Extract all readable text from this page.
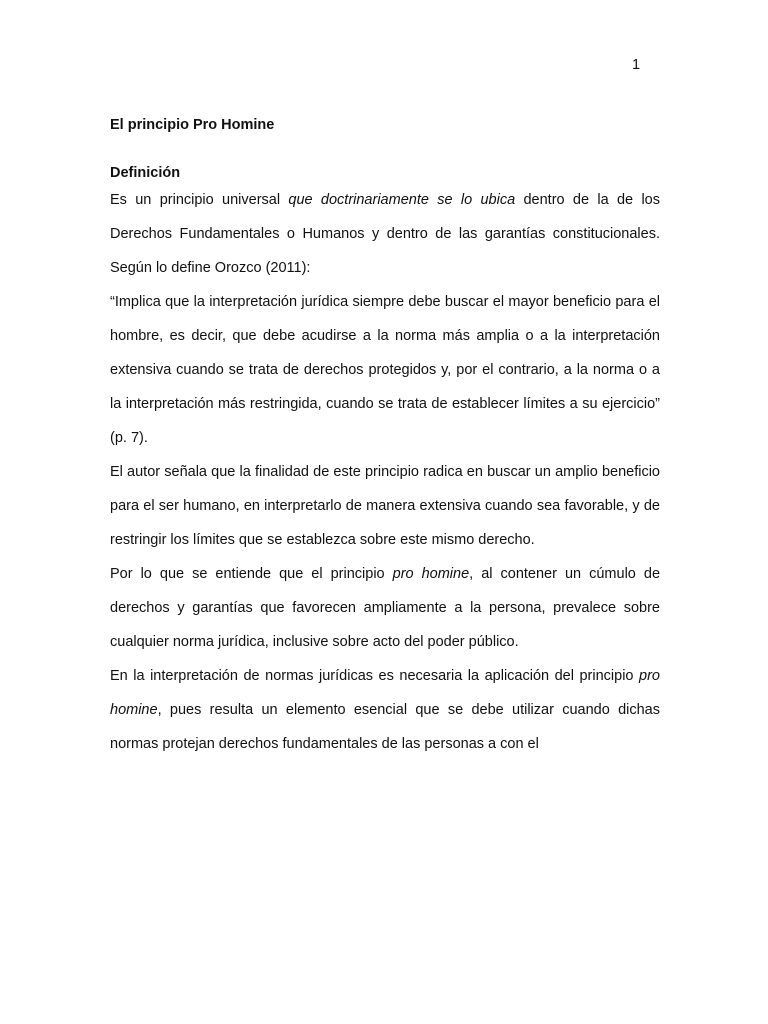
1
El principio Pro Homine
Definición

Es un principio universal que doctrinariamente se lo ubica dentro de la de los Derechos Fundamentales o Humanos y dentro de las garantías constitucionales. Según lo define Orozco (2011):

“Implica que la interpretación jurídica siempre debe buscar el mayor beneficio para el hombre, es decir, que debe acudirse a la norma más amplia o a la interpretación extensiva cuando se trata de derechos protegidos y, por el contrario, a la norma o a la interpretación más restringida, cuando se trata de establecer límites a su ejercicio” (p. 7).

El autor señala que la finalidad de este principio radica en buscar un amplio beneficio para el ser humano, en interpretarlo de manera extensiva cuando sea favorable, y de restringir los límites que se establezca sobre este mismo derecho.

Por lo que se entiende que el principio pro homine, al contener un cúmulo de derechos y garantías que favorecen ampliamente a la persona, prevalece sobre cualquier norma jurídica, inclusive sobre acto del poder público.

En la interpretación de normas jurídicas es necesaria la aplicación del principio pro homine, pues resulta un elemento esencial que se debe utilizar cuando dichas normas protejan derechos fundamentales de las personas a con el
